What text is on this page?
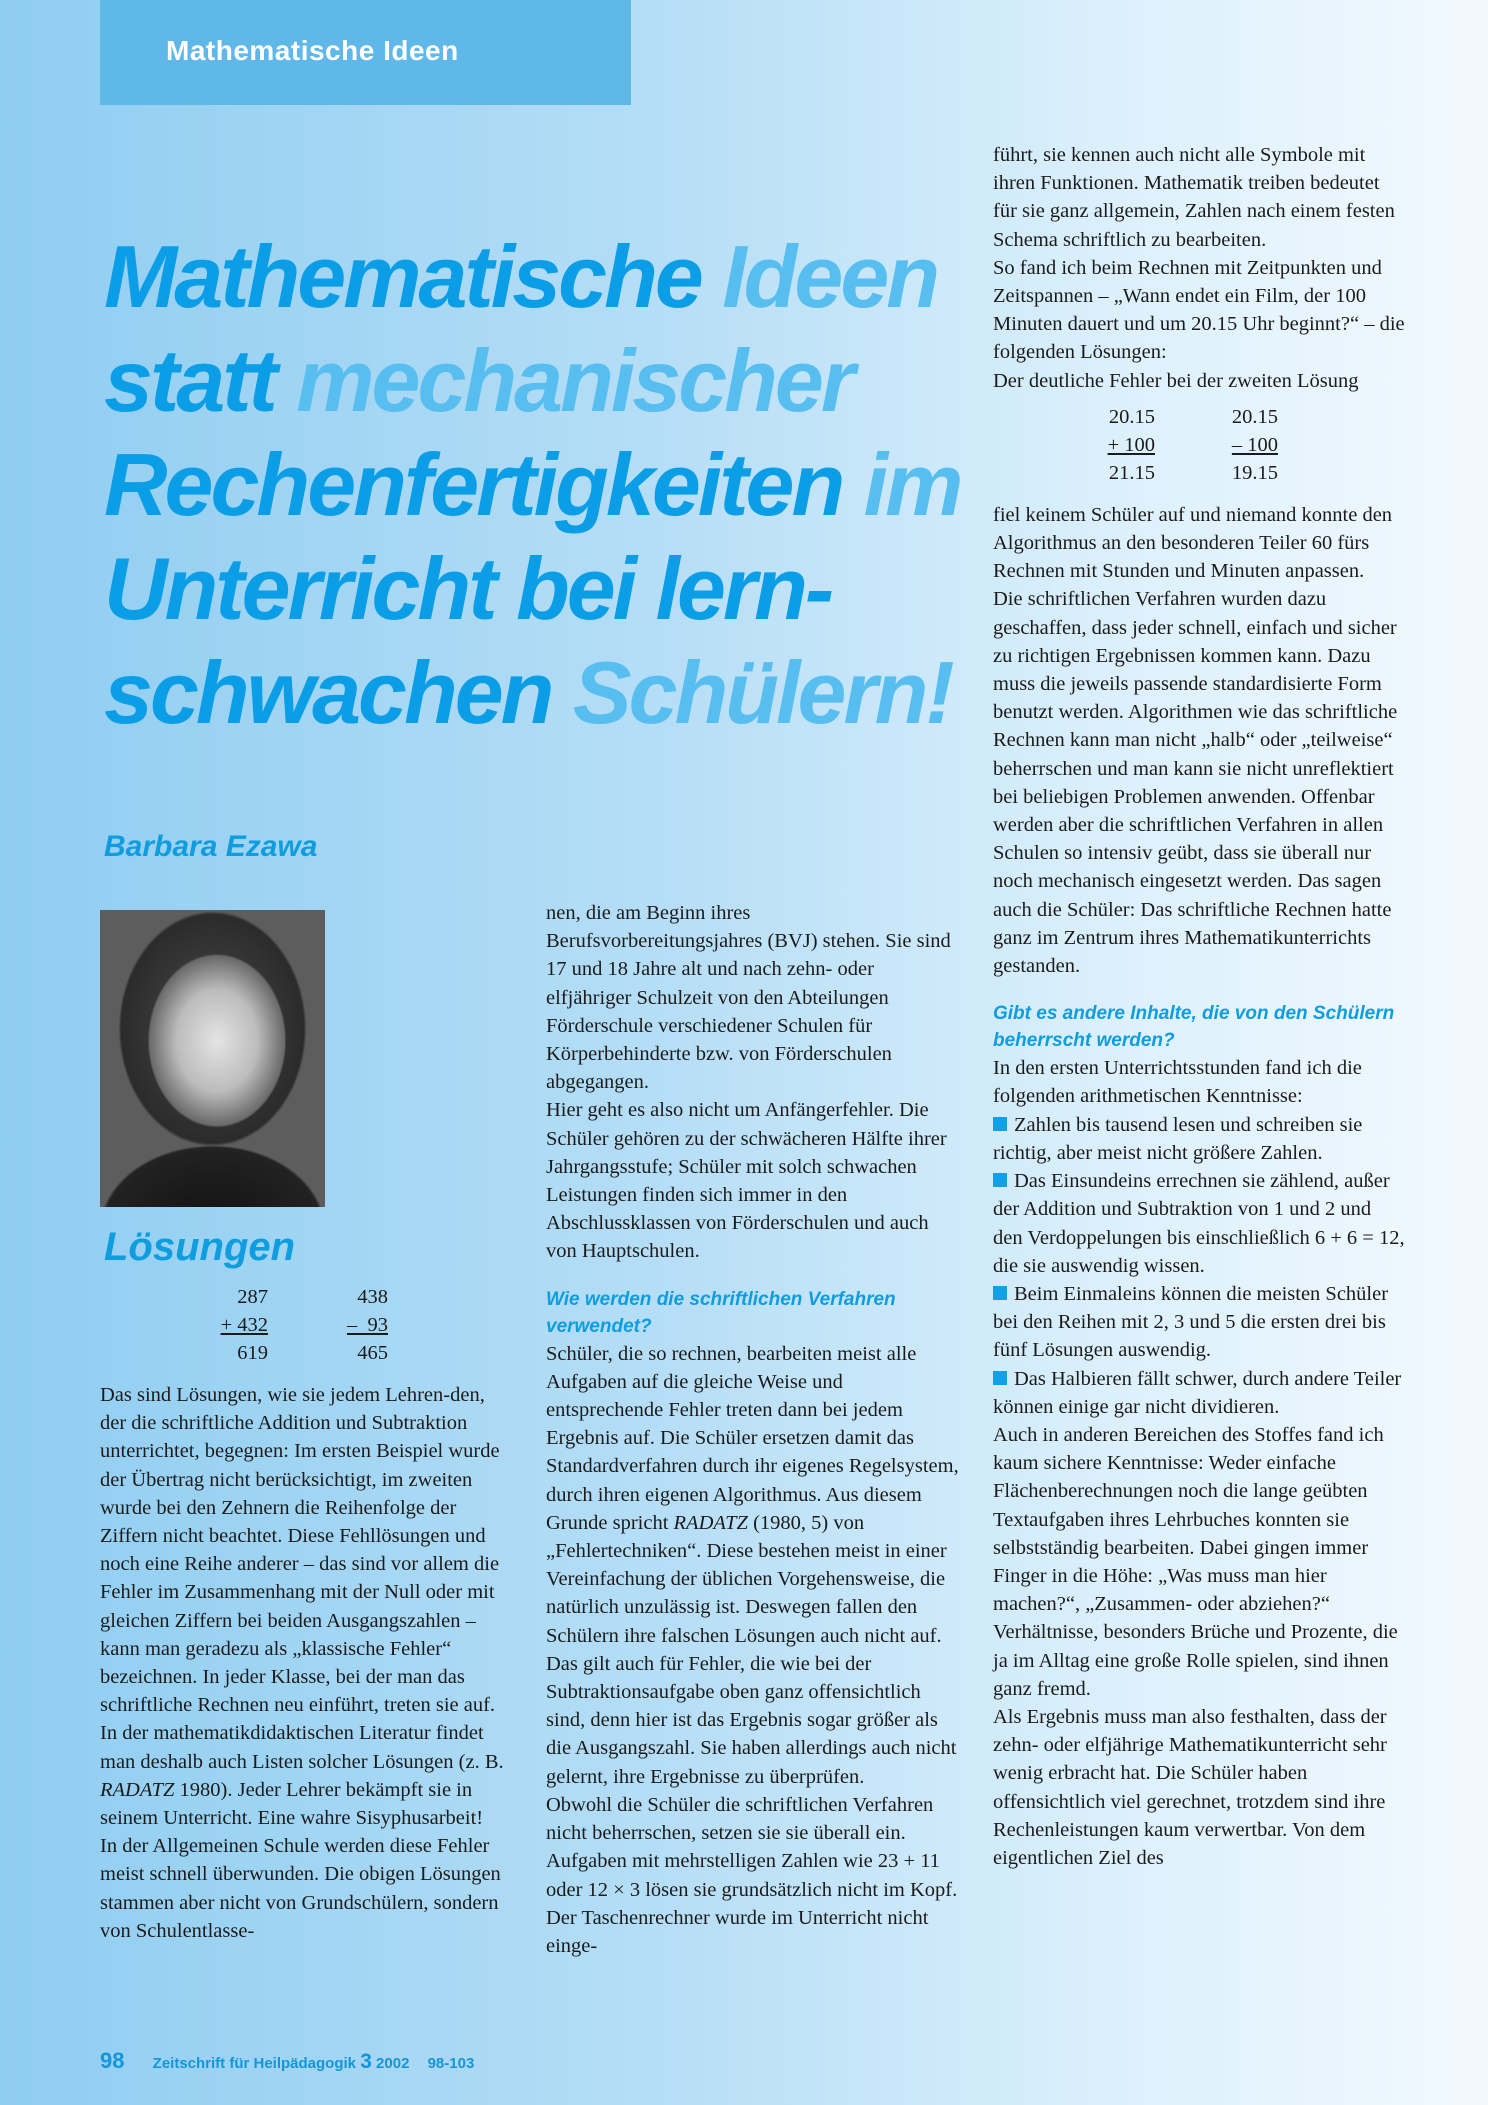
Mathematische Ideen
Mathematische Ideen
statt mechanischer
Rechenfertigkeiten im
Unterricht bei lern-
schwachen Schülern!
Barbara Ezawa
Lösungen
287
+ 432
619
438
–  93
465

Das sind Lösungen, wie sie jedem Lehren-den, der die schriftliche Addition und Subtraktion unterrichtet, begegnen: Im ersten Beispiel wurde der Übertrag nicht berücksichtigt, im zweiten wurde bei den Zehnern die Reihenfolge der Ziffern nicht beachtet. Diese Fehllösungen und noch eine Reihe anderer – das sind vor allem die Fehler im Zusammenhang mit der Null oder mit gleichen Ziffern bei beiden Ausgangszahlen – kann man geradezu als „klassische Fehler“ bezeichnen. In jeder Klasse, bei der man das schriftliche Rechnen neu einführt, treten sie auf. In der mathematikdidaktischen Literatur findet man deshalb auch Listen solcher Lösungen (z. B. RADATZ 1980). Jeder Lehrer bekämpft sie in seinem Unterricht. Eine wahre Sisyphusarbeit!

In der Allgemeinen Schule werden diese Fehler meist schnell überwunden. Die obigen Lösungen stammen aber nicht von Grundschülern, sondern von Schulentlasse-

nen, die am Beginn ihres Berufsvorbereitungsjahres (BVJ) stehen. Sie sind 17 und 18 Jahre alt und nach zehn- oder elfjähriger Schulzeit von den Abteilungen Förderschule verschiedener Schulen für Körperbehinderte bzw. von Förderschulen abgegangen.

Hier geht es also nicht um Anfängerfehler. Die Schüler gehören zu der schwächeren Hälfte ihrer Jahrgangsstufe; Schüler mit solch schwachen Leistungen finden sich immer in den Abschlussklassen von Förderschulen und auch von Hauptschulen.

Wie werden die schriftlichen Verfahren verwendet?

Schüler, die so rechnen, bearbeiten meist alle Aufgaben auf die gleiche Weise und entsprechende Fehler treten dann bei jedem Ergebnis auf. Die Schüler ersetzen damit das Standardverfahren durch ihr eigenes Regelsystem, durch ihren eigenen Algorithmus. Aus diesem Grunde spricht RADATZ (1980, 5) von „Fehlertechniken“. Diese bestehen meist in einer Vereinfachung der üblichen Vorgehensweise, die natürlich unzulässig ist. Deswegen fallen den Schülern ihre falschen Lösungen auch nicht auf. Das gilt auch für Fehler, die wie bei der Subtraktionsaufgabe oben ganz offensichtlich sind, denn hier ist das Ergebnis sogar größer als die Ausgangszahl. Sie haben allerdings auch nicht gelernt, ihre Ergebnisse zu überprüfen.

Obwohl die Schüler die schriftlichen Verfahren nicht beherrschen, setzen sie sie überall ein. Aufgaben mit mehrstelligen Zahlen wie 23 + 11 oder 12 × 3 lösen sie grundsätzlich nicht im Kopf. Der Taschenrechner wurde im Unterricht nicht einge-

führt, sie kennen auch nicht alle Symbole mit ihren Funktionen. Mathematik treiben bedeutet für sie ganz allgemein, Zahlen nach einem festen Schema schriftlich zu bearbeiten.

So fand ich beim Rechnen mit Zeitpunkten und Zeitspannen – „Wann endet ein Film, der 100 Minuten dauert und um 20.15 Uhr beginnt?“ – die folgenden Lösungen:

Der deutliche Fehler bei der zweiten Lösung

20.15
+ 100
21.15
20.15
– 100
19.15

fiel keinem Schüler auf und niemand konnte den Algorithmus an den besonderen Teiler 60 fürs Rechnen mit Stunden und Minuten anpassen.

Die schriftlichen Verfahren wurden dazu geschaffen, dass jeder schnell, einfach und sicher zu richtigen Ergebnissen kommen kann. Dazu muss die jeweils passende standardisierte Form benutzt werden. Algorithmen wie das schriftliche Rechnen kann man nicht „halb“ oder „teilweise“ beherrschen und man kann sie nicht unreflektiert bei beliebigen Problemen anwenden. Offenbar werden aber die schriftlichen Verfahren in allen Schulen so intensiv geübt, dass sie überall nur noch mechanisch eingesetzt werden. Das sagen auch die Schüler: Das schriftliche Rechnen hatte ganz im Zentrum ihres Mathematikunterrichts gestanden.

Gibt es andere Inhalte, die von den Schülern beherrscht werden?

In den ersten Unterrichtsstunden fand ich die folgenden arithmetischen Kenntnisse:

Zahlen bis tausend lesen und schreiben sie richtig, aber meist nicht größere Zahlen.

Das Einsundeins errechnen sie zählend, außer der Addition und Subtraktion von 1 und 2 und den Verdoppelungen bis einschließlich 6 + 6 = 12, die sie auswendig wissen.

Beim Einmaleins können die meisten Schüler bei den Reihen mit 2, 3 und 5 die ersten drei bis fünf Lösungen auswendig.

Das Halbieren fällt schwer, durch andere Teiler können einige gar nicht dividieren.

Auch in anderen Bereichen des Stoffes fand ich kaum sichere Kenntnisse: Weder einfache Flächenberechnungen noch die lange geübten Textaufgaben ihres Lehrbuches konnten sie selbstständig bearbeiten. Dabei gingen immer Finger in die Höhe: „Was muss man hier machen?“, „Zusammen- oder abziehen?“ Verhältnisse, besonders Brüche und Prozente, die ja im Alltag eine große Rolle spielen, sind ihnen ganz fremd.

Als Ergebnis muss man also festhalten, dass der zehn- oder elfjährige Mathematikunterricht sehr wenig erbracht hat. Die Schüler haben offensichtlich viel gerechnet, trotzdem sind ihre Rechenleistungen kaum verwertbar. Von dem eigentlichen Ziel des

98 Zeitschrift für Heilpädagogik 3 2002 98-103
